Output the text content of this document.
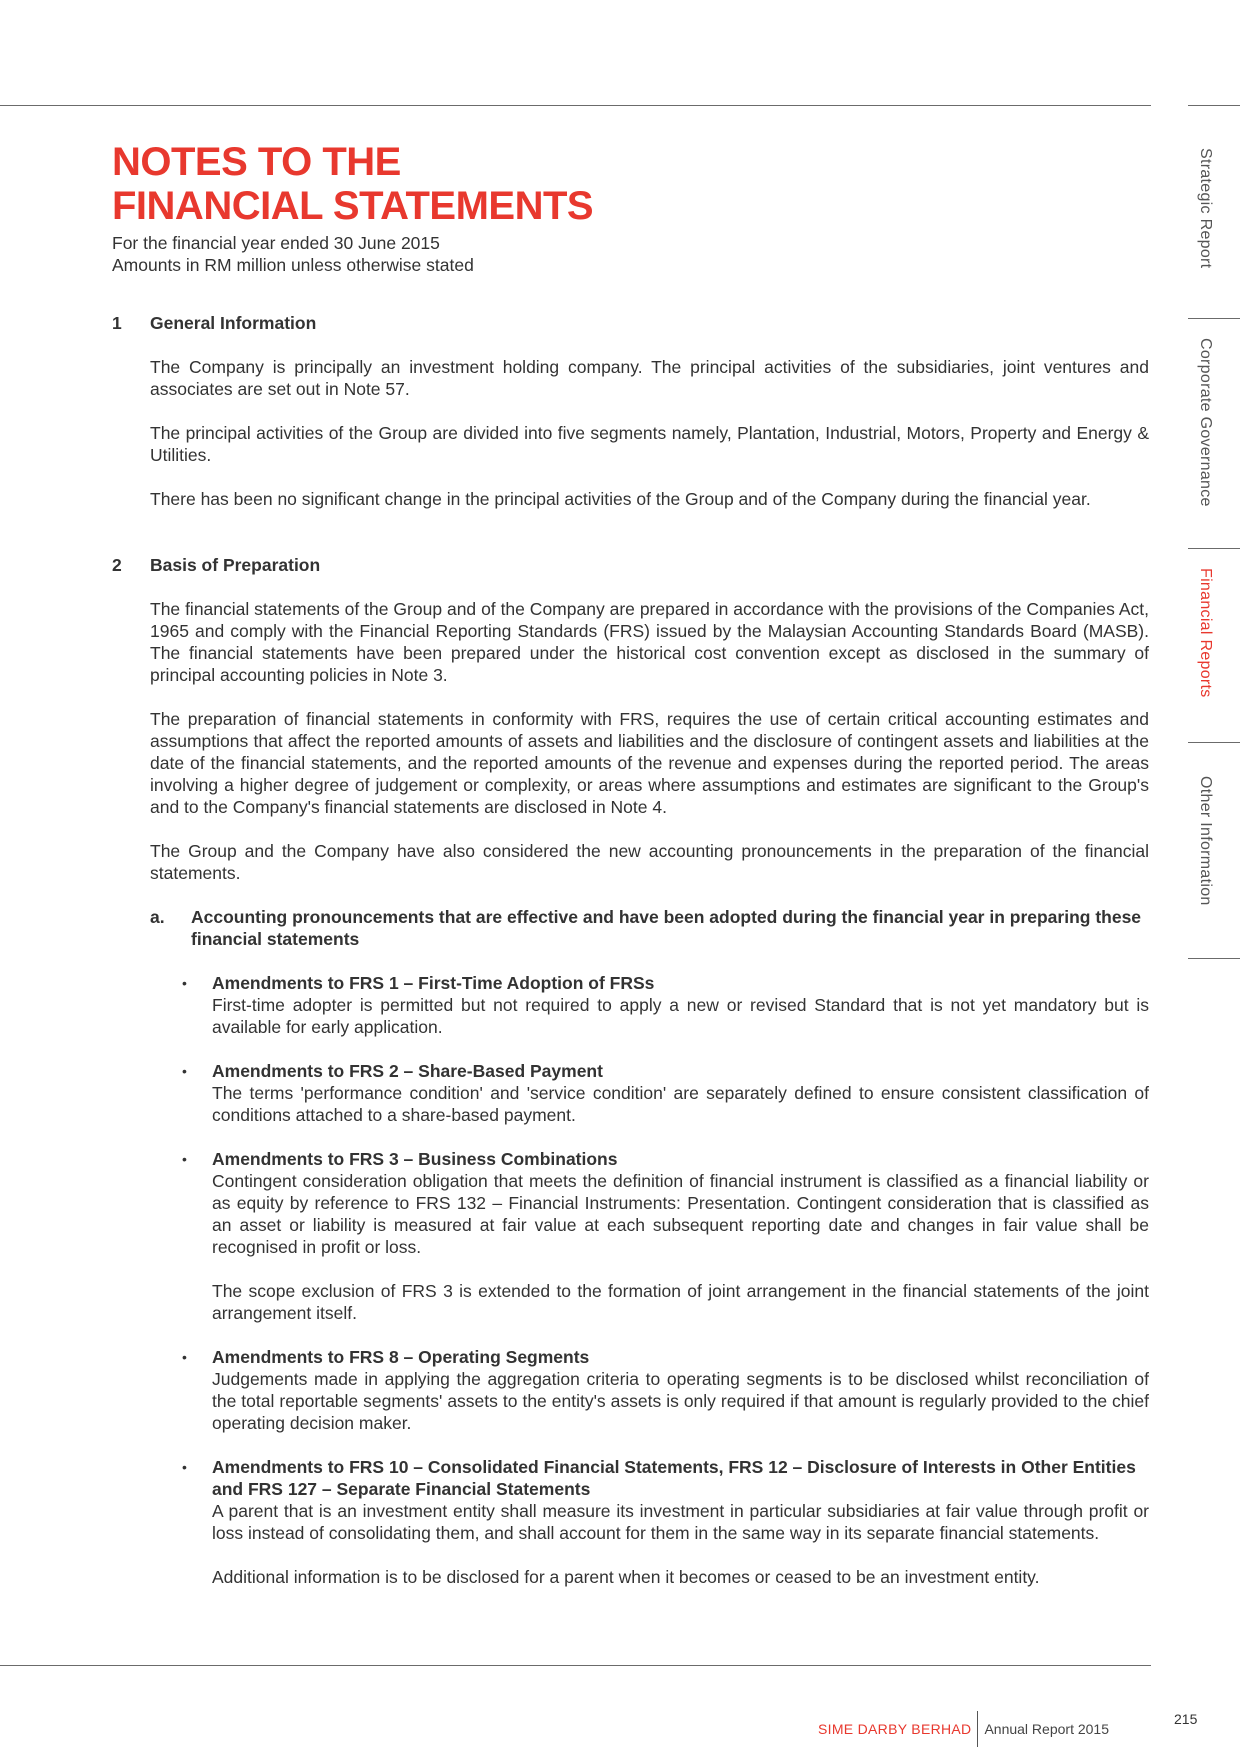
NOTES TO THE
FINANCIAL STATEMENTS
For the financial year ended 30 June 2015
Amounts in RM million unless otherwise stated
1	General Information

The Company is principally an investment holding company. The principal activities of the subsidiaries, joint ventures and associates are set out in Note 57.

The principal activities of the Group are divided into five segments namely, Plantation, Industrial, Motors, Property and Energy & Utilities.

There has been no significant change in the principal activities of the Group and of the Company during the financial year.

2	Basis of Preparation

The financial statements of the Group and of the Company are prepared in accordance with the provisions of the Companies Act, 1965 and comply with the Financial Reporting Standards (FRS) issued by the Malaysian Accounting Standards Board (MASB). The financial statements have been prepared under the historical cost convention except as disclosed in the summary of principal accounting policies in Note 3.

The preparation of financial statements in conformity with FRS, requires the use of certain critical accounting estimates and assumptions that affect the reported amounts of assets and liabilities and the disclosure of contingent assets and liabilities at the date of the financial statements, and the reported amounts of the revenue and expenses during the reported period. The areas involving a higher degree of judgement or complexity, or areas where assumptions and estimates are significant to the Group's and to the Company's financial statements are disclosed in Note 4.

The Group and the Company have also considered the new accounting pronouncements in the preparation of the financial statements.

a.	Accounting pronouncements that are effective and have been adopted during the financial year in preparing these financial statements
•	Amendments to FRS 1 – First-Time Adoption of FRSs

First-time adopter is permitted but not required to apply a new or revised Standard that is not yet mandatory but is available for early application.

•	Amendments to FRS 2 – Share-Based Payment

The terms 'performance condition' and 'service condition' are separately defined to ensure consistent classification of conditions attached to a share-based payment.

•	Amendments to FRS 3 – Business Combinations

Contingent consideration obligation that meets the definition of financial instrument is classified as a financial liability or as equity by reference to FRS 132 – Financial Instruments: Presentation. Contingent consideration that is classified as an asset or liability is measured at fair value at each subsequent reporting date and changes in fair value shall be recognised in profit or loss.

The scope exclusion of FRS 3 is extended to the formation of joint arrangement in the financial statements of the joint arrangement itself.

•	Amendments to FRS 8 – Operating Segments

Judgements made in applying the aggregation criteria to operating segments is to be disclosed whilst reconciliation of the total reportable segments' assets to the entity's assets is only required if that amount is regularly provided to the chief operating decision maker.

•	Amendments to FRS 10 – Consolidated Financial Statements, FRS 12 – Disclosure of Interests in Other Entities and FRS 127 – Separate Financial Statements

A parent that is an investment entity shall measure its investment in particular subsidiaries at fair value through profit or loss instead of consolidating them, and shall account for them in the same way in its separate financial statements.

Additional information is to be disclosed for a parent when it becomes or ceased to be an investment entity.

Strategic Report
Corporate Governance
Financial Reports
Other Information
SIME DARBY BERHAD Annual Report 2015
215
